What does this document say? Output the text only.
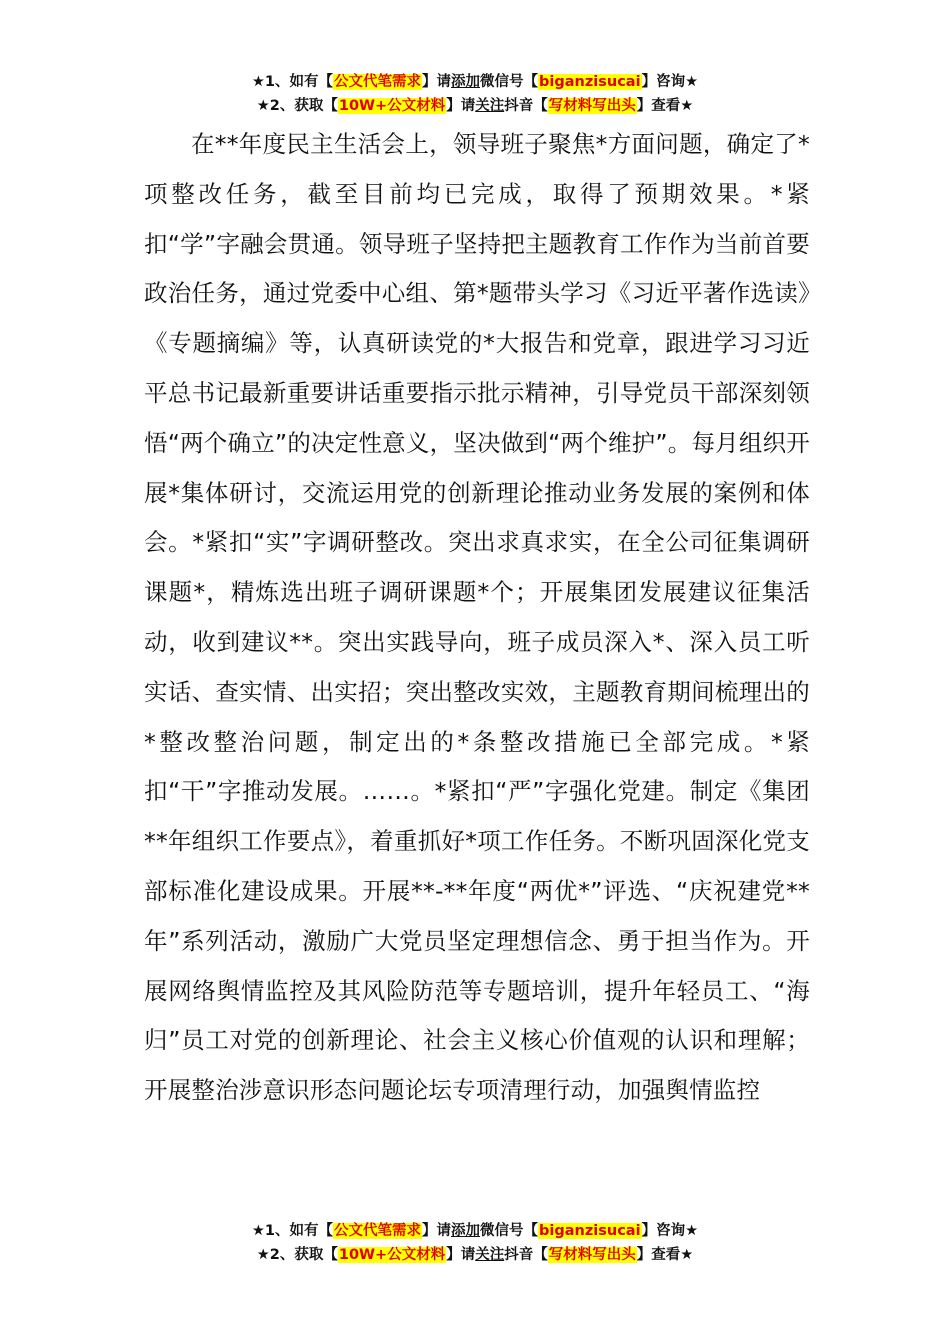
★1、如有【公文代笔需求】请添加微信号【biganzisucai】咨询★
★2、获取【10W+公文材料】请关注抖音【写材料写出头】查看★

在**年度民主生活会上，领导班子聚焦*方面问题，确定了*项整改任务，截至目前均已完成，取得了预期效果。*紧扣“学”字融会贯通。领导班子坚持把主题教育工作作为当前首要政治任务，通过党委中心组、第*题带头学习《习近平著作选读》《专题摘编》等，认真研读党的*大报告和党章，跟进学习习近平总书记最新重要讲话重要指示批示精神，引导党员干部深刻领悟“两个确立”的决定性意义，坚决做到“两个维护”。每月组织开展*集体研讨，交流运用党的创新理论推动业务发展的案例和体会。*紧扣“实”字调研整改。突出求真求实，在全公司征集调研课题*，精炼选出班子调研课题*个；开展集团发展建议征集活动，收到建议**。突出实践导向，班子成员深入*、深入员工听实话、查实情、出实招；突出整改实效，主题教育期间梳理出的*整改整治问题，制定出的*条整改措施已全部完成。*紧扣“干”字推动发展。……。*紧扣“严”字强化党建。制定《集团**年组织工作要点》，着重抓好*项工作任务。不断巩固深化党支部标准化建设成果。开展**-**年度“两优*”评选、“庆祝建党**年”系列活动，激励广大党员坚定理想信念、勇于担当作为。开展网络舆情监控及其风险防范等专题培训，提升年轻员工、“海归”员工对党的创新理论、社会主义核心价值观的认识和理解；开展整治涉意识形态问题论坛专项清理行动，加强舆情监控

★1、如有【公文代笔需求】请添加微信号【biganzisucai】咨询★
★2、获取【10W+公文材料】请关注抖音【写材料写出头】查看★
